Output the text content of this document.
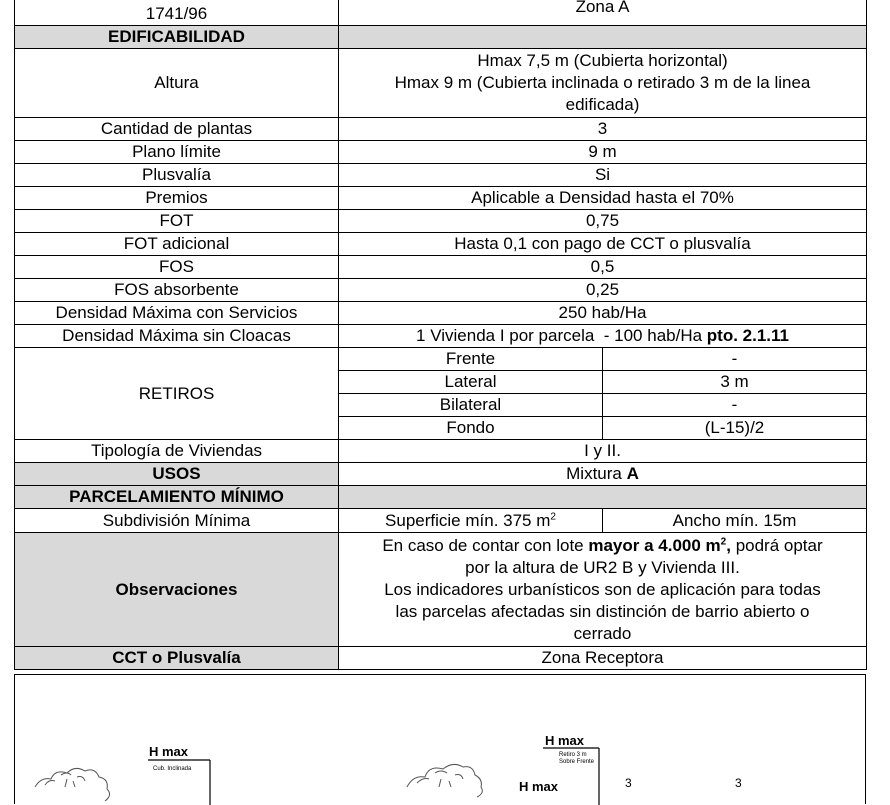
1741/96	Zona A	
EDIFICABILIDAD		
Altura	Hmax 7,5 m (Cubierta horizontal)
Hmax 9 m (Cubierta inclinada o retirado 3 m de la linea
edificada)	

Cantidad de plantas	3	
Plano límite	9 m	
Plusvalía	Si	
Premios	Aplicable a Densidad hasta el 70%	
FOT	0,75	
FOT adicional	Hasta 0,1 con pago de CCT o plusvalía	
FOS	0,5	
FOS absorbente	0,25	
Densidad Máxima con Servicios	250 hab/Ha	
Densidad Máxima sin Cloacas	1 Vivienda I por parcela  - 100 hab/Ha pto. 2.1.11	
RETIROS	Frente	-
	Lateral	3 m
	Bilateral	-
	Fondo	(L-15)/2
Tipología de Viviendas	I y II.	
USOS	Mixtura A	
PARCELAMIENTO MÍNIMO		
Subdivisión Mínima	Superficie mín. 375 $m^2$	Ancho mín. 15m
Observaciones	En caso de contar con lote mayor a 4.000 $m^2$, podrá optar
por la altura de UR2 B y Vivienda III.
Los indicadores urbanísticos son de aplicación para todas
las parcelas afectadas sin distinción de barrio abierto o
cerrado	

CCT o Plusvalía	Zona Receptora	
H max
Cub. Inclinada
H max
Retiro 3 m
Sobre Frente
H max	3	3
